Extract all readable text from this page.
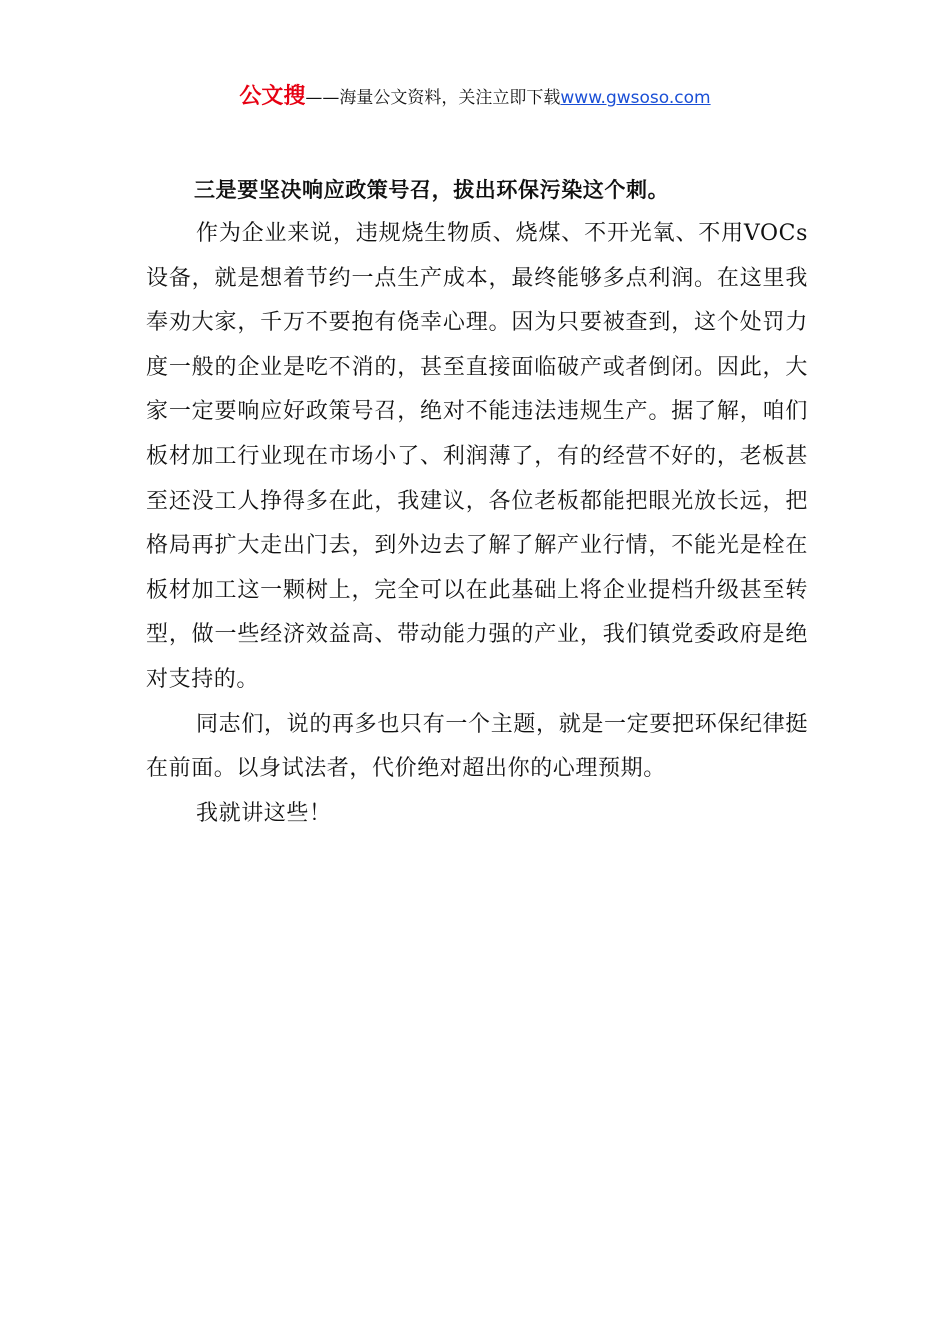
公文搜——海量公文资料，关注立即下载www.gwsoso.com

三是要坚决响应政策号召，拔出环保污染这个刺。

作为企业来说，违规烧生物质、烧煤、不开光氧、不用VOCs设备，就是想着节约一点生产成本，最终能够多点利润。在这里我奉劝大家，千万不要抱有侥幸心理。因为只要被查到，这个处罚力度一般的企业是吃不消的，甚至直接面临破产或者倒闭。因此，大家一定要响应好政策号召，绝对不能违法违规生产。据了解，咱们板材加工行业现在市场小了、利润薄了，有的经营不好的，老板甚至还没工人挣得多在此，我建议，各位老板都能把眼光放长远，把格局再扩大走出门去，到外边去了解了解产业行情，不能光是栓在板材加工这一颗树上，完全可以在此基础上将企业提档升级甚至转型，做一些经济效益高、带动能力强的产业，我们镇党委政府是绝对支持的。

同志们，说的再多也只有一个主题，就是一定要把环保纪律挺在前面。以身试法者，代价绝对超出你的心理预期。

我就讲这些！
